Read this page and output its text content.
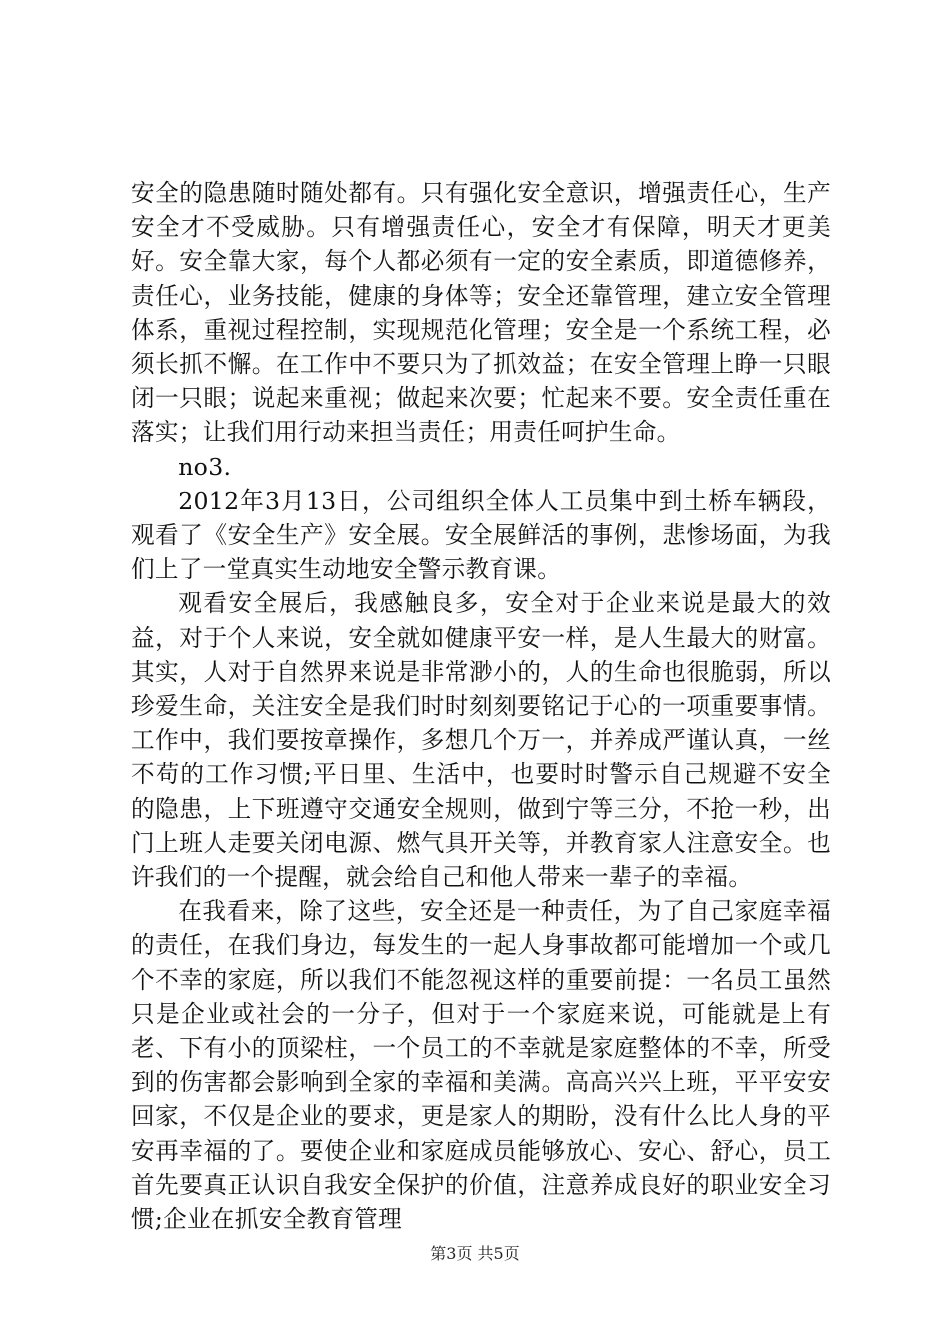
安全的隐患随时随处都有。只有强化安全意识，增强责任心，生产安全才不受威胁。只有增强责任心，安全才有保障，明天才更美好。安全靠大家，每个人都必须有一定的安全素质，即道德修养，责任心，业务技能，健康的身体等；安全还靠管理，建立安全管理体系，重视过程控制，实现规范化管理；安全是一个系统工程，必须长抓不懈。在工作中不要只为了抓效益；在安全管理上睁一只眼闭一只眼；说起来重视；做起来次要；忙起来不要。安全责任重在落实；让我们用行动来担当责任；用责任呵护生命。

no3.

2012年3月13日，公司组织全体人工员集中到土桥车辆段，观看了《安全生产》安全展。安全展鲜活的事例，悲惨场面，为我们上了一堂真实生动地安全警示教育课。

观看安全展后，我感触良多，安全对于企业来说是最大的效益，对于个人来说，安全就如健康平安一样，是人生最大的财富。其实，人对于自然界来说是非常渺小的，人的生命也很脆弱，所以珍爱生命，关注安全是我们时时刻刻要铭记于心的一项重要事情。工作中，我们要按章操作，多想几个万一，并养成严谨认真，一丝不苟的工作习惯;平日里、生活中，也要时时警示自己规避不安全的隐患，上下班遵守交通安全规则，做到宁等三分，不抢一秒，出门上班人走要关闭电源、燃气具开关等，并教育家人注意安全。也许我们的一个提醒，就会给自己和他人带来一辈子的幸福。

在我看来，除了这些，安全还是一种责任，为了自己家庭幸福的责任，在我们身边，每发生的一起人身事故都可能增加一个或几个不幸的家庭，所以我们不能忽视这样的重要前提：一名员工虽然只是企业或社会的一分子，但对于一个家庭来说，可能就是上有老、下有小的顶梁柱，一个员工的不幸就是家庭整体的不幸，所受到的伤害都会影响到全家的幸福和美满。高高兴兴上班，平平安安回家，不仅是企业的要求，更是家人的期盼，没有什么比人身的平安再幸福的了。要使企业和家庭成员能够放心、安心、舒心，员工首先要真正认识自我安全保护的价值，注意养成良好的职业安全习惯;企业在抓安全教育管理

第3页 共5页
